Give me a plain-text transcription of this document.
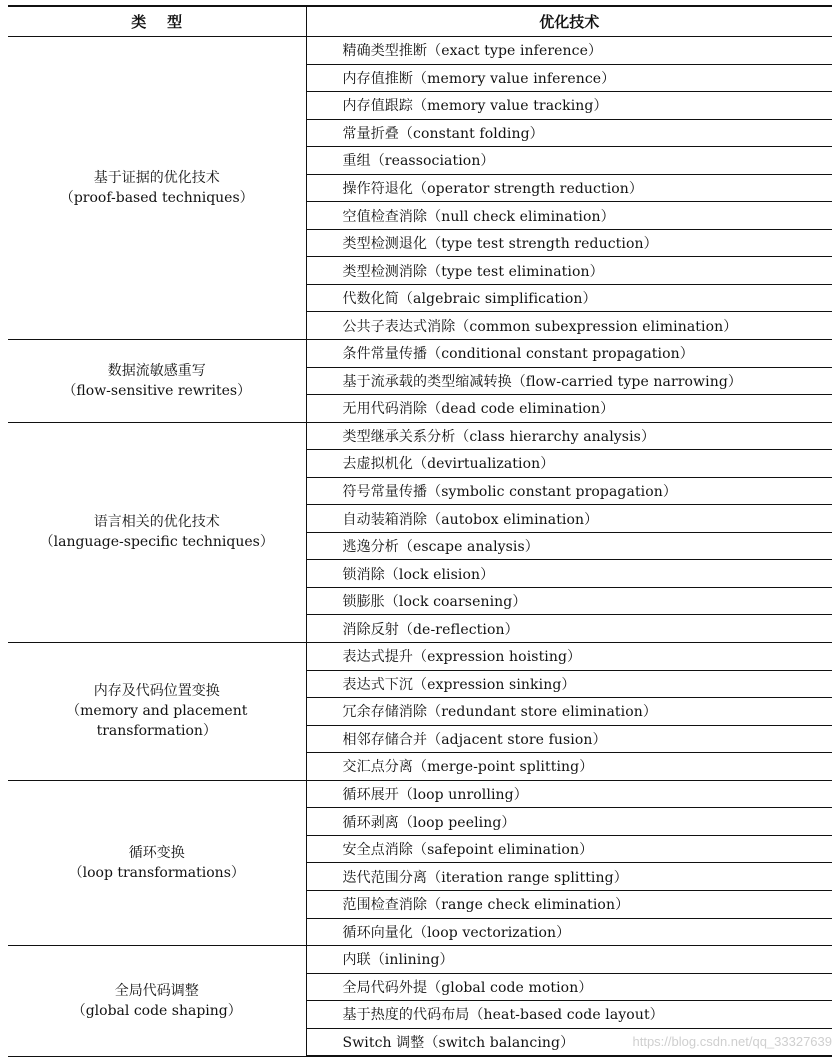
类    型	优化技术

基于证据的优化技术
（proof-based techniques）	精确类型推断（exact type inference）
	内存值推断（memory value inference）
	内存值跟踪（memory value tracking）
	常量折叠（constant folding）
	重组（reassociation）
	操作符退化（operator strength reduction）
	空值检查消除（null check elimination）
	类型检测退化（type test strength reduction）
	类型检测消除（type test elimination）
	代数化简（algebraic simplification）
	公共子表达式消除（common subexpression elimination）

数据流敏感重写
（flow-sensitive rewrites）	条件常量传播（conditional constant propagation）
	基于流承载的类型缩减转换（flow-carried type narrowing）
	无用代码消除（dead code elimination）

语言相关的优化技术
（language-specific techniques）	类型继承关系分析（class hierarchy analysis）
	去虚拟机化（devirtualization）
	符号常量传播（symbolic constant propagation）
	自动装箱消除（autobox elimination）
	逃逸分析（escape analysis）
	锁消除（lock elision）
	锁膨胀（lock coarsening）
	消除反射（de-reflection）

内存及代码位置变换
（memory and placement transformation）	表达式提升（expression hoisting）
	表达式下沉（expression sinking）
	冗余存储消除（redundant store elimination）
	相邻存储合并（adjacent store fusion）
	交汇点分离（merge-point splitting）

循环变换
（loop transformations）	循环展开（loop unrolling）
	循环剥离（loop peeling）
	安全点消除（safepoint elimination）
	迭代范围分离（iteration range splitting）
	范围检查消除（range check elimination）
	循环向量化（loop vectorization）

全局代码调整
（global code shaping）	内联（inlining）
	全局代码外提（global code motion）
	基于热度的代码布局（heat-based code layout）
	Switch 调整（switch balancing）	https://blog.csdn.net/qq_33327639
